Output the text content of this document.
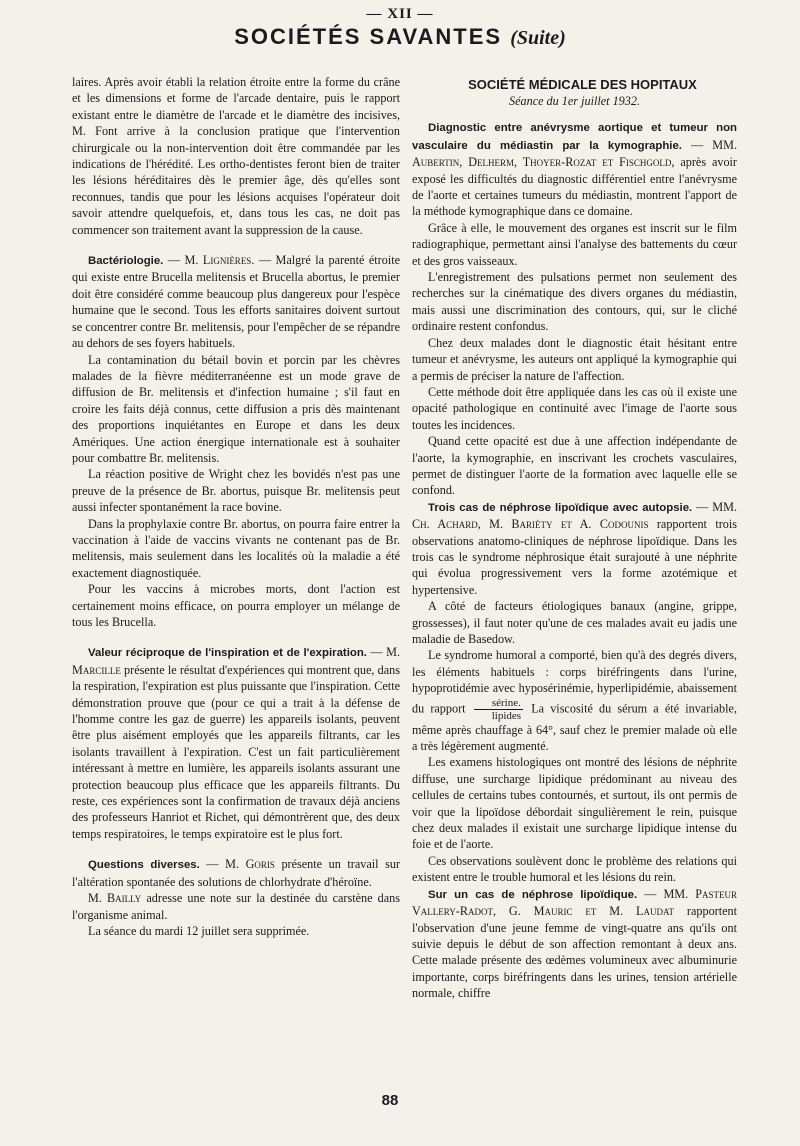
— XII —
SOCIÉTÉS SAVANTES (Suite)

laires. Après avoir établi la relation étroite entre la forme du crâne et les dimensions et forme de l'arcade dentaire, puis le rapport existant entre le diamètre de l'arcade et le diamètre des incisives, M. Font arrive à la conclusion pratique que l'intervention chirurgicale ou la non-intervention doit être commandée par les indications de l'hérédité. Les ortho-dentistes feront bien de traiter les lésions héréditaires dès le premier âge, dès qu'elles sont reconnues, tandis que pour les lésions acquises l'opérateur doit savoir attendre quelquefois, et, dans tous les cas, ne doit pas commencer son traitement avant la suppression de la cause.

Bactériologie. — M. Lignières. — Malgré la parenté étroite qui existe entre Brucella melitensis et Brucella abortus, le premier doit être considéré comme beaucoup plus dangereux pour l'espèce humaine que le second. Tous les efforts sanitaires doivent surtout se concentrer contre Br. melitensis, pour l'empêcher de se répandre au dehors de ses foyers habituels.

La contamination du bétail bovin et porcin par les chèvres malades de la fièvre méditerranéenne est un mode grave de diffusion de Br. melitensis et d'infection humaine ; s'il faut en croire les faits déjà connus, cette diffusion a pris dès maintenant des proportions inquiétantes en Europe et dans les deux Amériques. Une action énergique internationale est à souhaiter pour combattre Br. melitensis.

La réaction positive de Wright chez les bovidés n'est pas une preuve de la présence de Br. abortus, puisque Br. melitensis peut aussi infecter spontanément la race bovine.

Dans la prophylaxie contre Br. abortus, on pourra faire entrer la vaccination à l'aide de vaccins vivants ne contenant pas de Br. melitensis, mais seulement dans les localités où la maladie a été exactement diagnostiquée.

Pour les vaccins à microbes morts, dont l'action est certainement moins efficace, on pourra employer un mélange de tous les Brucella.

Valeur réciproque de l'inspiration et de l'expiration. — M. Marcille présente le résultat d'expériences qui montrent que, dans la respiration, l'expiration est plus puissante que l'inspiration. Cette démonstration prouve que (pour ce qui a trait à la défense de l'homme contre les gaz de guerre) les appareils isolants, peuvent être plus aisément employés que les appareils filtrants, car les isolants travaillent à l'expiration. C'est un fait particulièrement intéressant à mettre en lumière, les appareils isolants assurant une protection beaucoup plus efficace que les appareils filtrants. Du reste, ces expériences sont la confirmation de travaux déjà anciens des professeurs Hanriot et Richet, qui démontrèrent que, des deux temps respiratoires, le temps expiratoire est le plus fort.

Questions diverses. — M. Goris présente un travail sur l'altération spontanée des solutions de chlorhydrate d'héroïne.

M. Bailly adresse une note sur la destinée du carstène dans l'organisme animal.

La séance du mardi 12 juillet sera supprimée.

SOCIÉTÉ MÉDICALE DES HOPITAUX

Séance du 1er juillet 1932.

Diagnostic entre anévrysme aortique et tumeur non vasculaire du médiastin par la kymographie. — MM. Aubertin, Delherm, Thoyer-Rozat et Fischgold, après avoir exposé les difficultés du diagnostic différentiel entre l'anévrysme de l'aorte et certaines tumeurs du médiastin, montrent l'apport de la méthode kymographique dans ce domaine.

Grâce à elle, le mouvement des organes est inscrit sur le film radiographique, permettant ainsi l'analyse des battements du cœur et des gros vaisseaux.

L'enregistrement des pulsations permet non seulement des recherches sur la cinématique des divers organes du médiastin, mais aussi une discrimination des contours, qui, sur le cliché ordinaire restent confondus.

Chez deux malades dont le diagnostic était hésitant entre tumeur et anévrysme, les auteurs ont appliqué la kymographie qui a permis de préciser la nature de l'affection.

Cette méthode doit être appliquée dans les cas où il existe une opacité pathologique en continuité avec l'image de l'aorte sous toutes les incidences.

Quand cette opacité est due à une affection indépendante de l'aorte, la kymographie, en inscrivant les crochets vasculaires, permet de distinguer l'aorte de la formation avec laquelle elle se confond.

Trois cas de néphrose lipoïdique avec autopsie. — MM. Ch. Achard, M. Bariéty et A. Codounis rapportent trois observations anatomo-cliniques de néphrose lipoïdique. Dans les trois cas le syndrome néphrosique était surajouté à une néphrite qui évolua progressivement vers la forme azotémique et hypertensive.

A côté de facteurs étiologiques banaux (angine, grippe, grossesses), il faut noter qu'une de ces malades avait eu jadis une maladie de Basedow.

Le syndrome humoral a comporté, bien qu'à des degrés divers, les éléments habituels : corps biréfringents dans l'urine, hypoprotidémie avec hyposérinémie, hyperlipidémie, abaissement du rapport $\frac{\text{sérine.}}{\text{lipides}}$ La viscosité du sérum a été invariable, même après chauffage à 64°, sauf chez le premier malade où elle a très légèrement augmenté.

Les examens histologiques ont montré des lésions de néphrite diffuse, une surcharge lipidique prédominant au niveau des cellules de certains tubes contournés, et surtout, ils ont permis de voir que la lipoïdose débordait singulièrement le rein, puisque chez deux malades il existait une surcharge lipidique intense du foie et de l'aorte.

Ces observations soulèvent donc le problème des relations qui existent entre le trouble humoral et les lésions du rein.

Sur un cas de néphrose lipoïdique. — MM. Pasteur Vallery-Radot, G. Mauric et M. Laudat rapportent l'observation d'une jeune femme de vingt-quatre ans qu'ils ont suivie depuis le début de son affection remontant à deux ans. Cette malade présente des œdèmes volumineux avec albuminurie importante, corps biréfringents dans les urines, tension artérielle normale, chiffre

88
